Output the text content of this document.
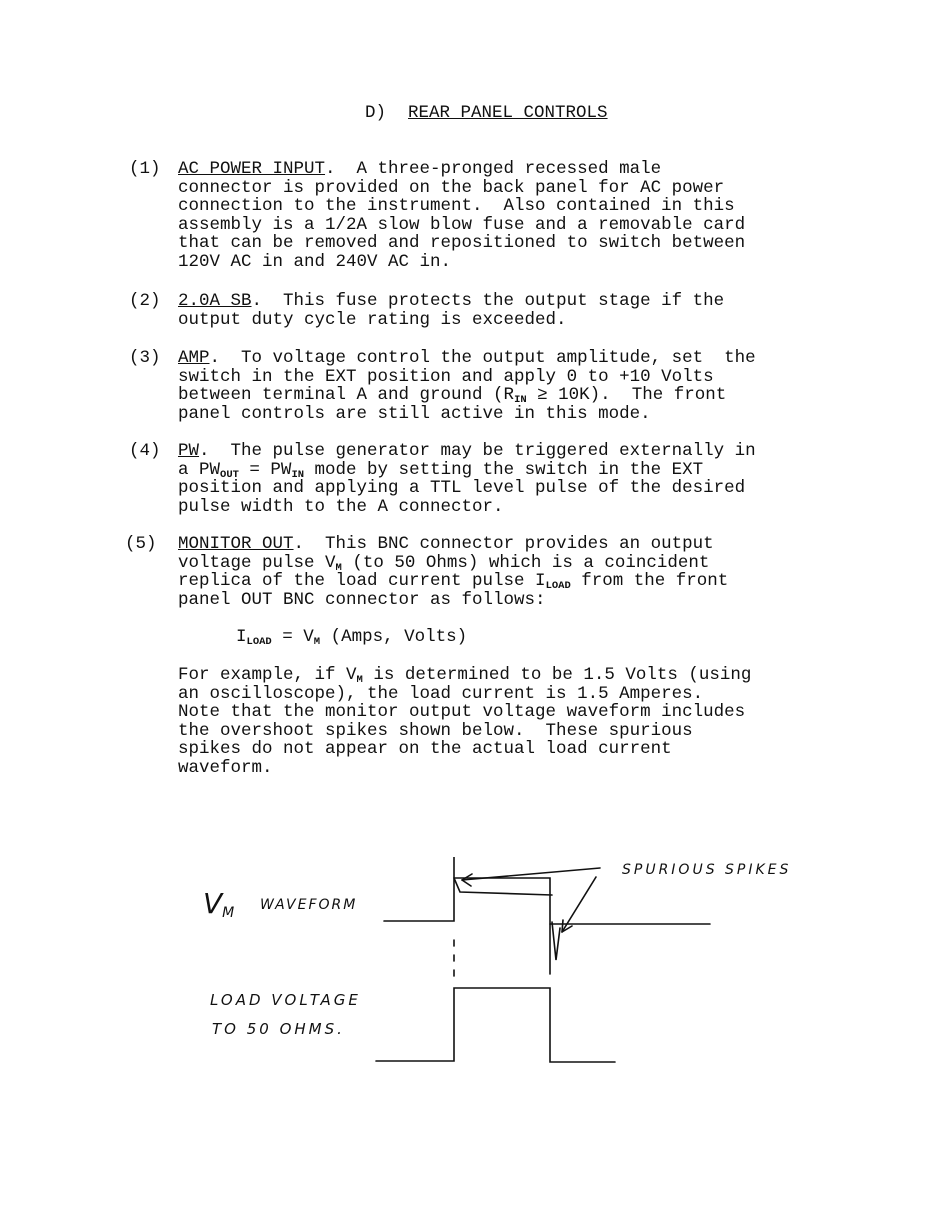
D) REAR PANEL CONTROLS
(1) AC POWER INPUT.  A three-pronged recessed male
connector is provided on the back panel for AC power
connection to the instrument.  Also contained in this
assembly is a 1/2A slow blow fuse and a removable card
that can be removed and repositioned to switch between
120V AC in and 240V AC in.
(2) 2.0A SB.  This fuse protects the output stage if the
output duty cycle rating is exceeded.
(3) AMP.  To voltage control the output amplitude, set  the
switch in the EXT position and apply 0 to +10 Volts
between terminal A and ground $(R_{IN} \ge 10K)$.  The front
panel controls are still active in this mode.
(4) PW.  The pulse generator may be triggered externally in
a $PW_{OUT} = PW_{IN}$ mode by setting the switch in the EXT
position and applying a TTL level pulse of the desired
pulse width to the A connector.
(5) MONITOR OUT.  This BNC connector provides an output
voltage pulse $V_M$ (to 50 Ohms) which is a coincident
replica of the load current pulse $I_{LOAD}$ from the front
panel OUT BNC connector as follows:
$I_{LOAD} = V_M$ (Amps, Volts)
For example, if $V_M$ is determined to be 1.5 Volts (using
an oscilloscope), the load current is 1.5 Amperes.
Note that the monitor output voltage waveform includes
the overshoot spikes shown below.  These spurious
spikes do not appear on the actual load current
waveform.
VM WAVEFORM
SPURIOUS SPIKES
LOAD VOLTAGE
TO 50 OHMS.
